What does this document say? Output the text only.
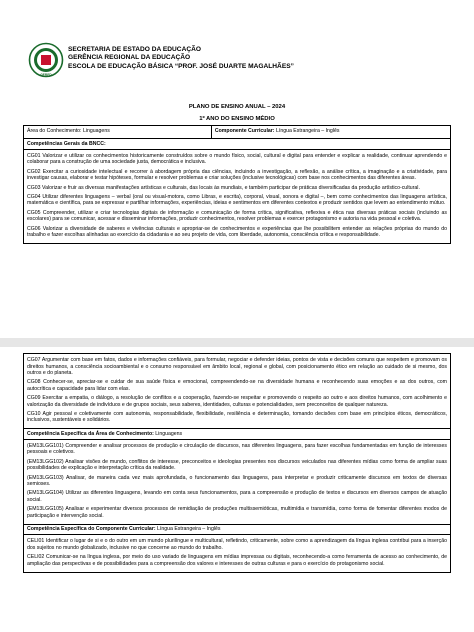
GERED
SECRETARIA DE ESTADO DA EDUCAÇÃO
GERÊNCIA REGIONAL DA EDUCAÇÃO
ESCOLA DE EDUCAÇÃO BÁSICA “PROF. JOSÉ DUARTE MAGALHÃES”
PLANO DE ENSINO ANUAL – 2024
1º ANO DO ENSINO MÉDIO
Área do Conhecimento: Linguagens	Componente Curricular: Língua Estrangeira – Inglês
Competências Gerais da BNCC:

CG01 Valorizar e utilizar os conhecimentos historicamente construídos sobre o mundo físico, social, cultural e digital para entender e explicar a realidade, continuar aprendendo e colaborar para a construção de uma sociedade justa, democrática e inclusiva.
CG02 Exercitar a curiosidade intelectual e recorrer à abordagem própria das ciências, incluindo a investigação, a reflexão, a análise crítica, a imaginação e a criatividade, para investigar causas, elaborar e testar hipóteses, formular e resolver problemas e criar soluções (inclusive tecnológicas) com base nos conhecimentos das diferentes áreas.
CG03 Valorizar e fruir as diversas manifestações artísticas e culturais, das locais às mundiais, e também participar de práticas diversificadas da produção artístico-cultural.
CG04 Utilizar diferentes linguagens – verbal (oral ou visual-motora, como Libras, e escrita), corporal, visual, sonora e digital –, bem como conhecimentos das linguagens artística, matemática e científica, para se expressar e partilhar informações, experiências, ideias e sentimentos em diferentes contextos e produzir sentidos que levem ao entendimento mútuo.
CG05 Compreender, utilizar e criar tecnologias digitais de informação e comunicação de forma crítica, significativa, reflexiva e ética nas diversas práticas sociais (incluindo as escolares) para se comunicar, acessar e disseminar informações, produzir conhecimentos, resolver problemas e exercer protagonismo e autoria na vida pessoal e coletiva.
CG06 Valorizar a diversidade de saberes e vivências culturais e apropriar-se de conhecimentos e experiências que lhe possibilitem entender as relações próprias do mundo do trabalho e fazer escolhas alinhadas ao exercício da cidadania e ao seu projeto de vida, com liberdade, autonomia, consciência crítica e responsabilidade.
CG07 Argumentar com base em fatos, dados e informações confiáveis, para formular, negociar e defender ideias, pontos de vista e decisões comuns que respeitem e promovam os direitos humanos, a consciência socioambiental e o consumo responsável em âmbito local, regional e global, com posicionamento ético em relação ao cuidado de si mesmo, dos outros e do planeta.
CG08 Conhecer-se, apreciar-se e cuidar de sua saúde física e emocional, compreendendo-se na diversidade humana e reconhecendo suas emoções e as dos outros, com autocrítica e capacidade para lidar com elas.
CG09 Exercitar a empatia, o diálogo, a resolução de conflitos e a cooperação, fazendo-se respeitar e promovendo o respeito ao outro e aos direitos humanos, com acolhimento e valorização da diversidade de indivíduos e de grupos sociais, seus saberes, identidades, culturas e potencialidades, sem preconceitos de qualquer natureza.
CG10 Agir pessoal e coletivamente com autonomia, responsabilidade, flexibilidade, resiliência e determinação, tomando decisões com base em princípios éticos, democráticos, inclusivos, sustentáveis e solidários.

Competência Específica da Área de Conhecimento: Linguagens

(EM13LGG101) Compreender e analisar processos de produção e circulação de discursos, nas diferentes linguagens, para fazer escolhas fundamentadas em função de interesses pessoais e coletivos.
(EM13LGG102) Analisar visões de mundo, conflitos de interesse, preconceitos e ideologias presentes nos discursos veiculados nas diferentes mídias como forma de ampliar suas possibilidades de explicação e interpretação crítica da realidade.
(EM13LGG103) Analisar, de maneira cada vez mais aprofundada, o funcionamento das linguagens, para interpretar e produzir criticamente discursos em textos de diversas semioses.
(EM13LGG104) Utilizar as diferentes linguagens, levando em conta seus funcionamentos, para a compreensão e produção de textos e discursos em diversos campos de atuação social.
(EM13LGG105) Analisar e experimentar diversos processos de remidiação de produções multissemióticas, multimídia e transmídia, como forma de fomentar diferentes modos de participação e intervenção social.

Competência Específica do Componente Curricular: Língua Estrangeira – Inglês

CELI01 Identificar o lugar de si e o do outro em um mundo plurilíngue e multicultural, refletindo, criticamente, sobre como a aprendizagem da língua inglesa contribui para a inserção dos sujeitos no mundo globalizado, inclusive no que concerne ao mundo do trabalho.
CELI02 Comunicar-se na língua inglesa, por meio do uso variado de linguagens em mídias impressas ou digitais, reconhecendo-a como ferramenta de acesso ao conhecimento, de ampliação das perspectivas e de possibilidades para a compreensão dos valores e interesses de outras culturas e para o exercício do protagonismo social.
